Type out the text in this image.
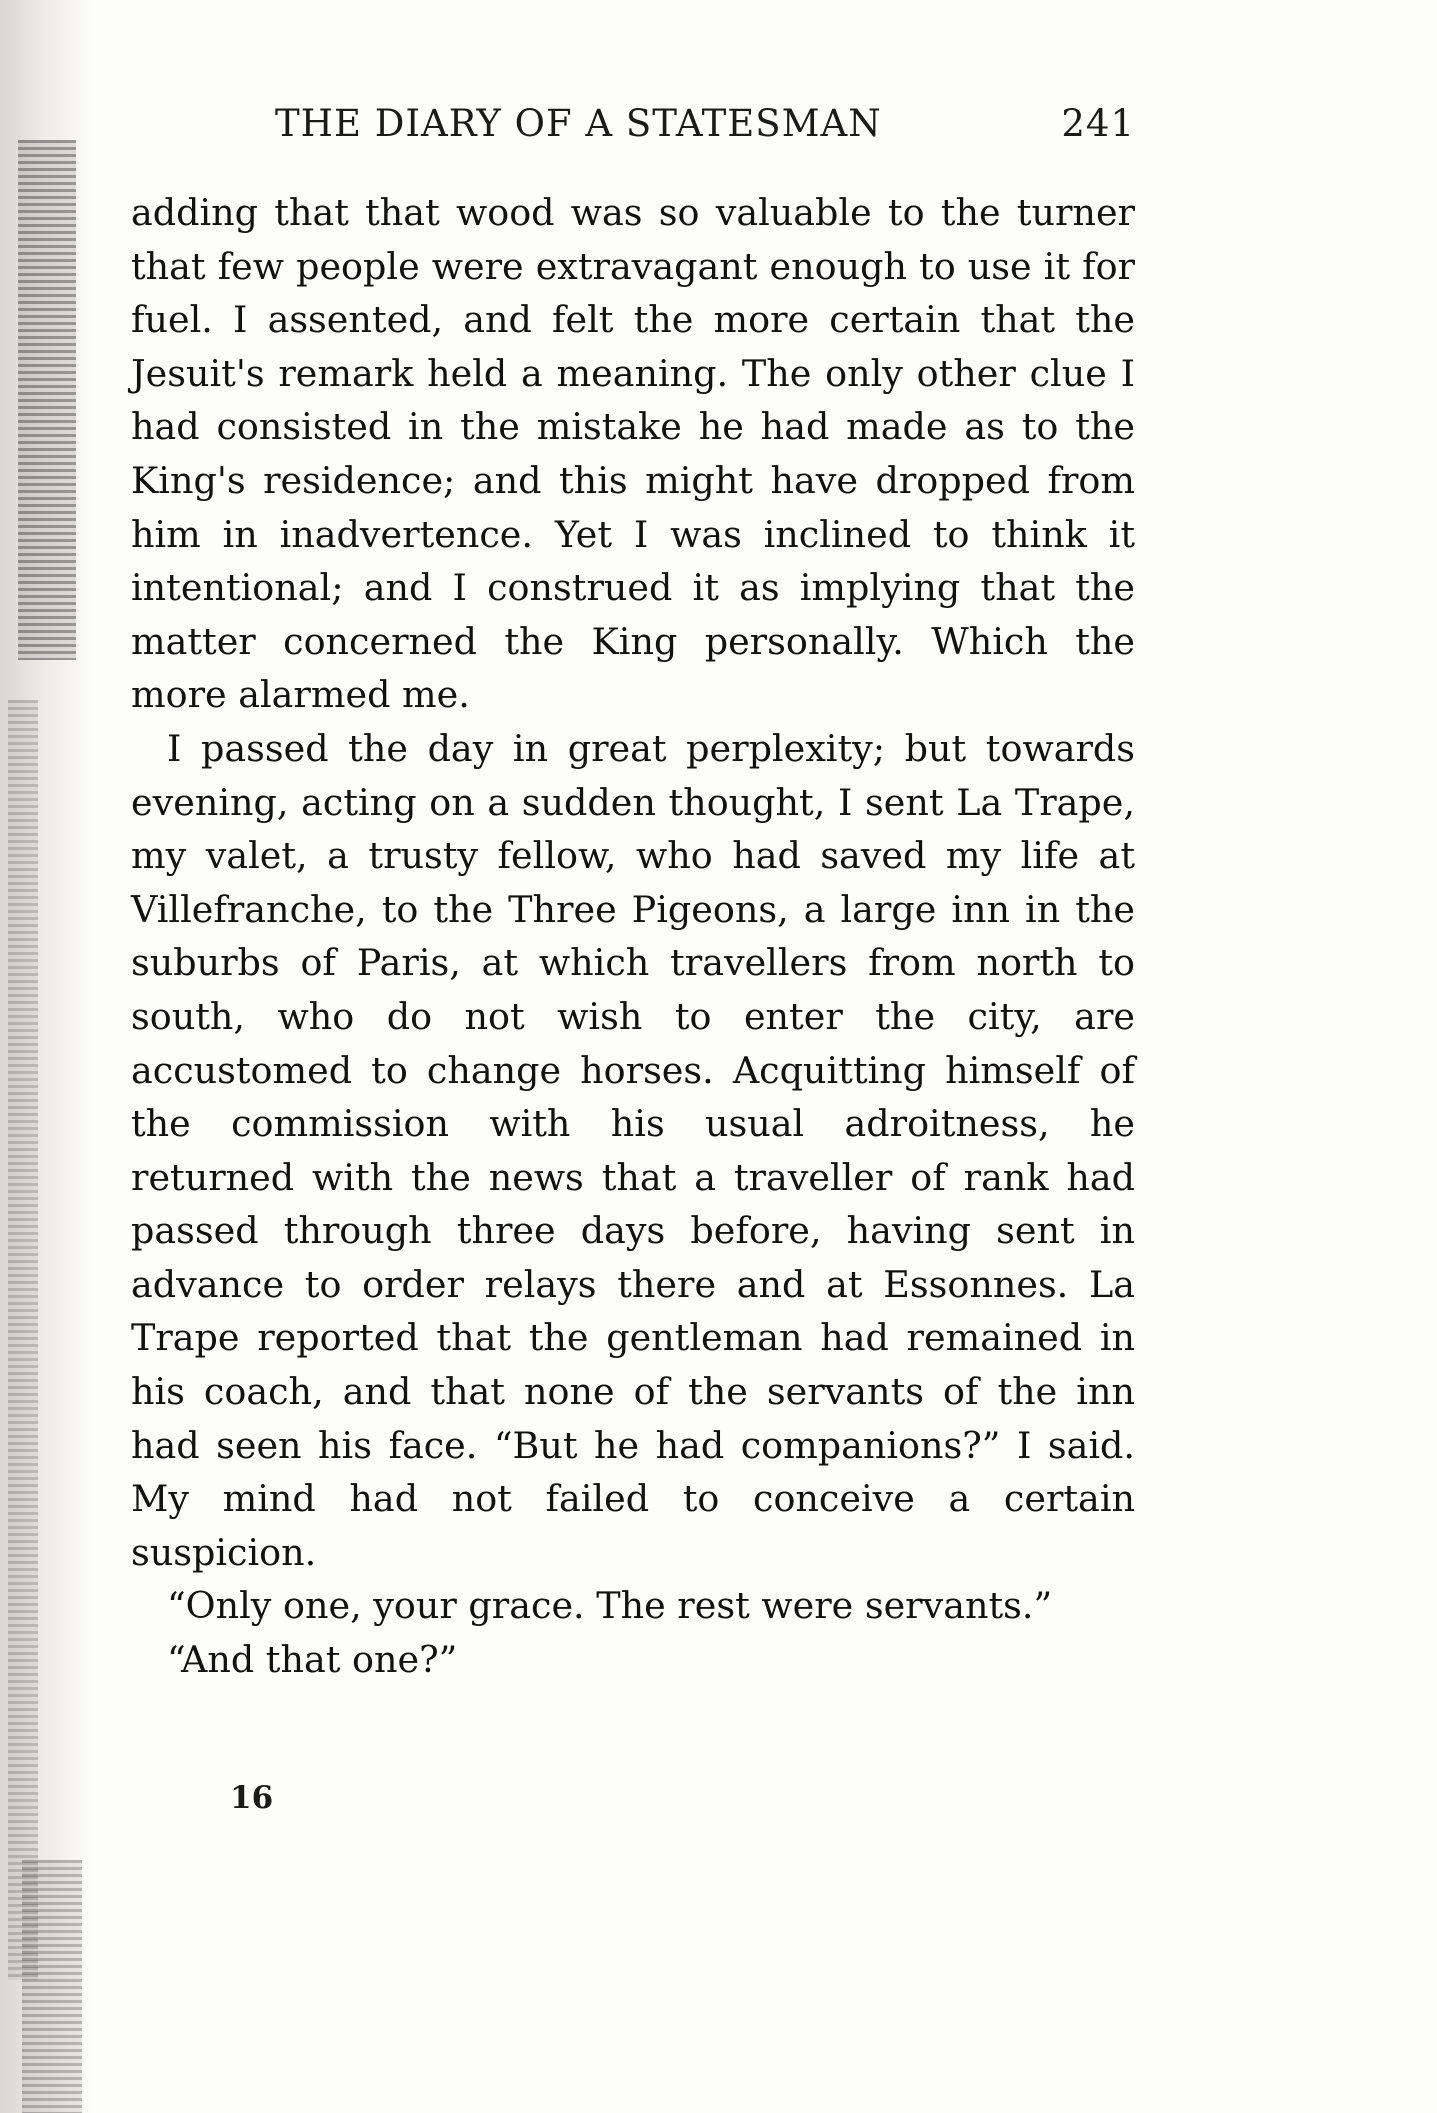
THE DIARY OF A STATESMAN	241

adding that that wood was so valuable to the turner that few people were extravagant enough to use it for fuel. I assented, and felt the more certain that the Jesuit's remark held a meaning. The only other clue I had consisted in the mistake he had made as to the King's residence; and this might have dropped from him in inadvertence. Yet I was inclined to think it intentional; and I construed it as implying that the matter concerned the King personally. Which the more alarmed me.

I passed the day in great perplexity; but towards evening, acting on a sudden thought, I sent La Trape, my valet, a trusty fellow, who had saved my life at Villefranche, to the Three Pigeons, a large inn in the suburbs of Paris, at which travellers from north to south, who do not wish to enter the city, are accustomed to change horses. Acquitting himself of the commission with his usual adroitness, he returned with the news that a traveller of rank had passed through three days before, having sent in advance to order relays there and at Essonnes. La Trape reported that the gentleman had remained in his coach, and that none of the servants of the inn had seen his face. “But he had companions?” I said. My mind had not failed to conceive a certain suspicion.

“Only one, your grace. The rest were servants.”

“And that one?”

16
